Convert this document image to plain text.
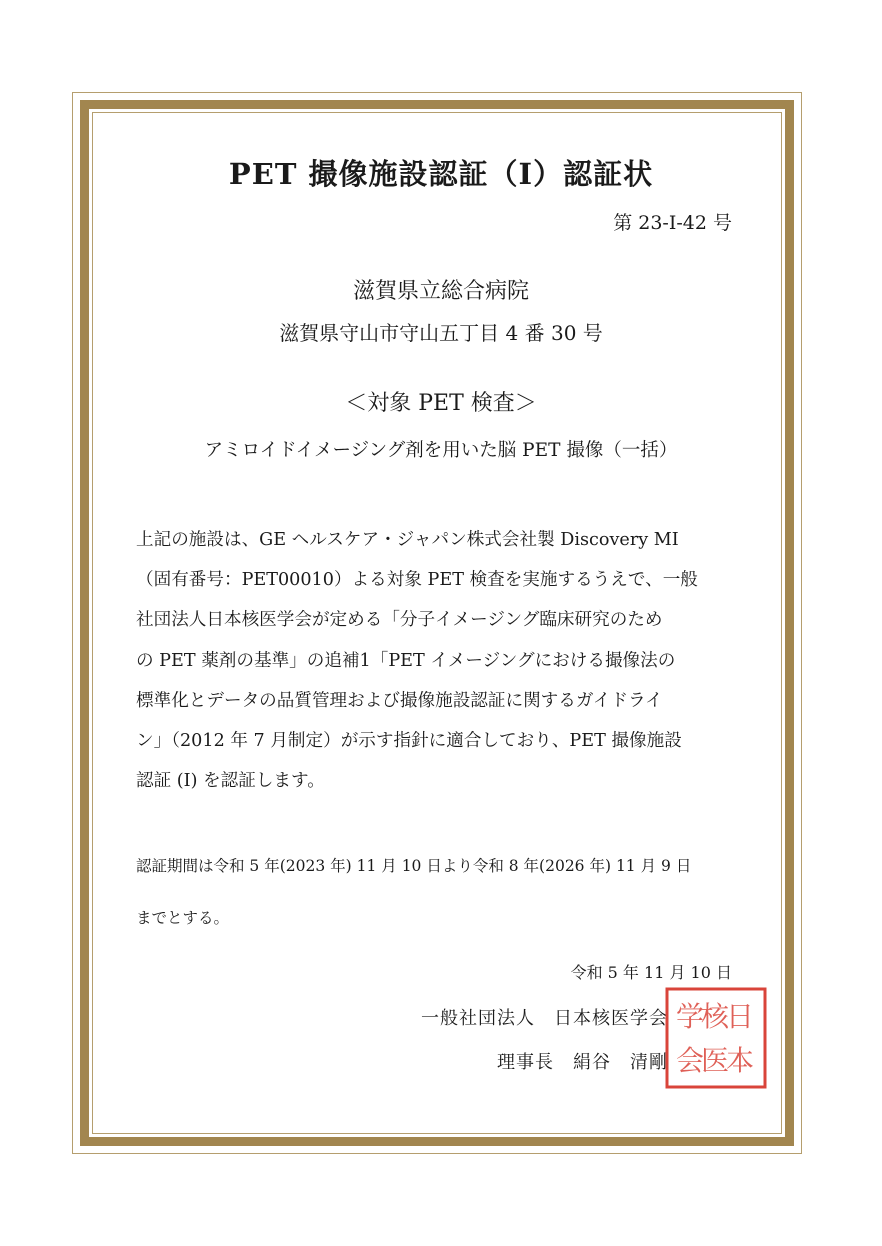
PET 撮像施設認証（I）認証状
第 23-I-42 号
滋賀県立総合病院
滋賀県守山市守山五丁目 4 番 30 号
＜対象 PET 検査＞
アミロイドイメージング剤を用いた脳 PET 撮像（一括）
上記の施設は、GE ヘルスケア・ジャパン株式会社製 Discovery MI
（固有番号：PET00010）よる対象 PET 検査を実施するうえで、一般
社団法人日本核医学会が定める「分子イメージング臨床研究のため
の PET 薬剤の基準」の追補1「PET イメージングにおける撮像法の
標準化とデータの品質管理および撮像施設認証に関するガイドライ
ン」（2012 年 7 月制定）が示す指針に適合しており、PET 撮像施設
認証 (I) を認証します。
認証期間は令和 5 年(2023 年) 11 月 10 日より令和 8 年(2026 年) 11 月 9 日
までとする。
令和 5 年 11 月 10 日
一般社団法人　日本核医学会
理事長　絹谷　清剛
日
本
核
医
学
会
